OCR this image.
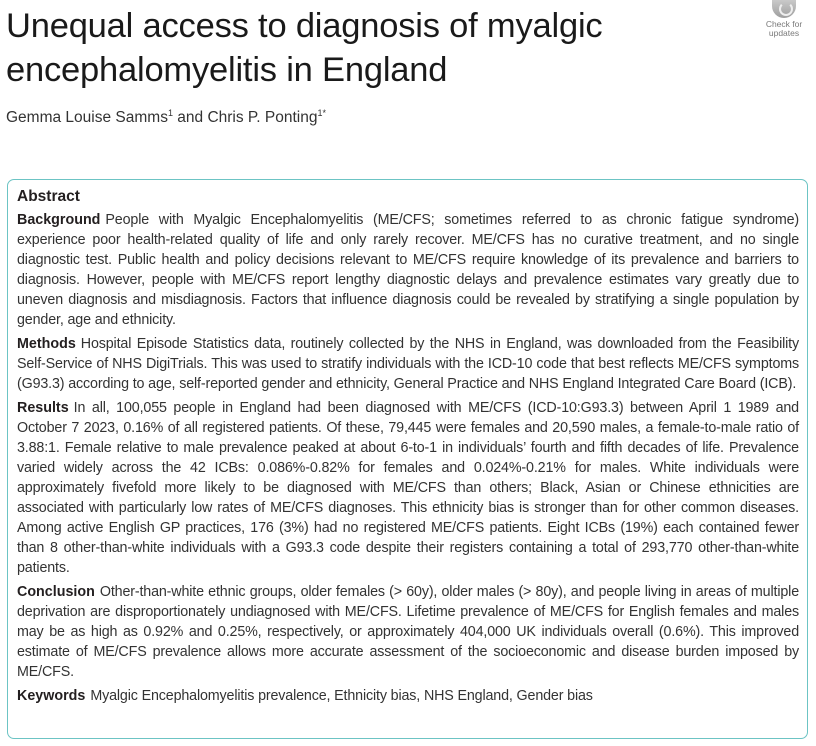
Unequal access to diagnosis of myalgic
encephalomyelitis in England
Check for
updates
Gemma Louise Samms$^1$ and Chris P. Ponting$^{1*}$
Abstract

Background People with Myalgic Encephalomyelitis (ME/CFS; sometimes referred to as chronic fatigue syndrome) experience poor health-related quality of life and only rarely recover. ME/CFS has no curative treatment, and no single diagnostic test. Public health and policy decisions relevant to ME/CFS require knowledge of its prevalence and barriers to diagnosis. However, people with ME/CFS report lengthy diagnostic delays and prevalence estimates vary greatly due to uneven diagnosis and misdiagnosis. Factors that influence diagnosis could be revealed by stratifying a single population by gender, age and ethnicity.

Methods Hospital Episode Statistics data, routinely collected by the NHS in England, was downloaded from the Feasibility Self-Service of NHS DigiTrials. This was used to stratify individuals with the ICD-10 code that best reflects ME/CFS symptoms (G93.3) according to age, self-reported gender and ethnicity, General Practice and NHS England Integrated Care Board (ICB).

Results In all, 100,055 people in England had been diagnosed with ME/CFS (ICD-10:G93.3) between April 1 1989 and October 7 2023, 0.16% of all registered patients. Of these, 79,445 were females and 20,590 males, a female-to-male ratio of 3.88:1. Female relative to male prevalence peaked at about 6-to-1 in individuals’ fourth and fifth decades of life. Prevalence varied widely across the 42 ICBs: 0.086%-0.82% for females and 0.024%-0.21% for males. White individuals were approximately fivefold more likely to be diagnosed with ME/CFS than others; Black, Asian or Chinese ethnicities are associated with particularly low rates of ME/CFS diagnoses. This ethnicity bias is stronger than for other common diseases. Among active English GP practices, 176 (3%) had no registered ME/CFS patients. Eight ICBs (19%) each contained fewer than 8 other-than-white individuals with a G93.3 code despite their registers containing a total of 293,770 other-than-white patients.

Conclusion Other-than-white ethnic groups, older females (> 60y), older males (> 80y), and people living in areas of multiple deprivation are disproportionately undiagnosed with ME/CFS. Lifetime prevalence of ME/CFS for English females and males may be as high as 0.92% and 0.25%, respectively, or approximately 404,000 UK individuals overall (0.6%). This improved estimate of ME/CFS prevalence allows more accurate assessment of the socioeconomic and disease burden imposed by ME/CFS.

Keywords Myalgic Encephalomyelitis prevalence, Ethnicity bias, NHS England, Gender bias
